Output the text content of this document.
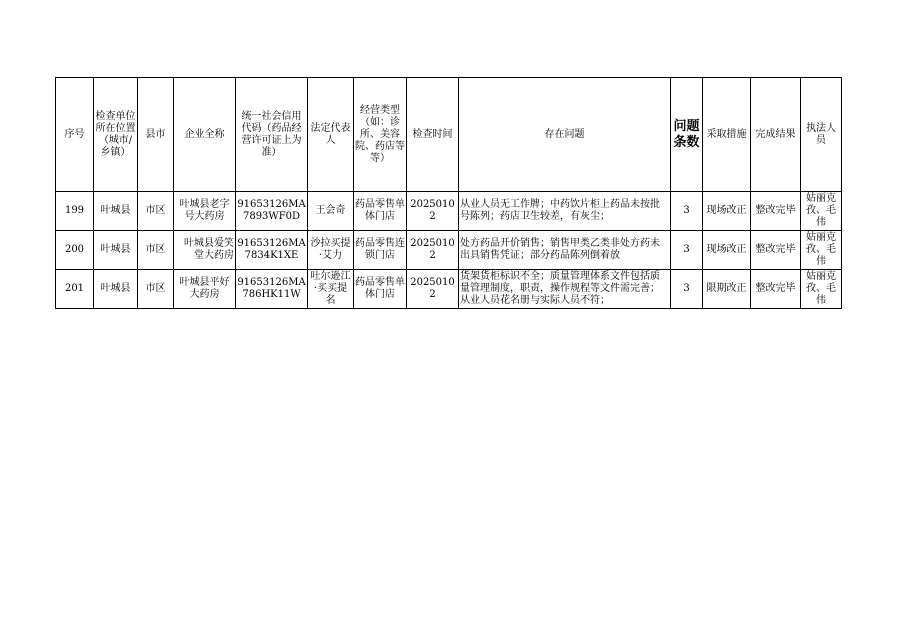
序号	检查单位所在位置（城市/乡镇）	县市	企业全称	统一社会信用代码（药品经营许可证上为准）	法定代表人	经营类型（如：诊所、美容院、药店等等）	检查时间	存在问题	问题条数	采取措施	完成结果	执法人员
199	叶城县	市区	叶城县老字号大药房	91653126MA7893WF0D	王会奇	药品零售单体门店	20250102	从业人员无工作牌；中药饮片柜上药品未按批号陈列；药店卫生较差，有灰尘；	3	现场改正	整改完毕	姑丽克孜、毛伟
200	叶城县	市区	叶城县爱笑堂大药房	91653126MA7834K1XE	沙拉买提·艾力	药品零售连锁门店	20250102	处方药品开价销售；销售甲类乙类非处方药未出具销售凭证；部分药品陈列倒着放	3	现场改正	整改完毕	姑丽克孜、毛伟
201	叶城县	市区	叶城县平好大药房	91653126MA786HK11W	吐尔逊江·买买提名	药品零售单体门店	20250102	货架货柜标识不全；质量管理体系文件包括质量管理制度，职责，操作规程等文件需完善；从业人员花名册与实际人员不符；	3	限期改正	整改完毕	姑丽克孜、毛伟
